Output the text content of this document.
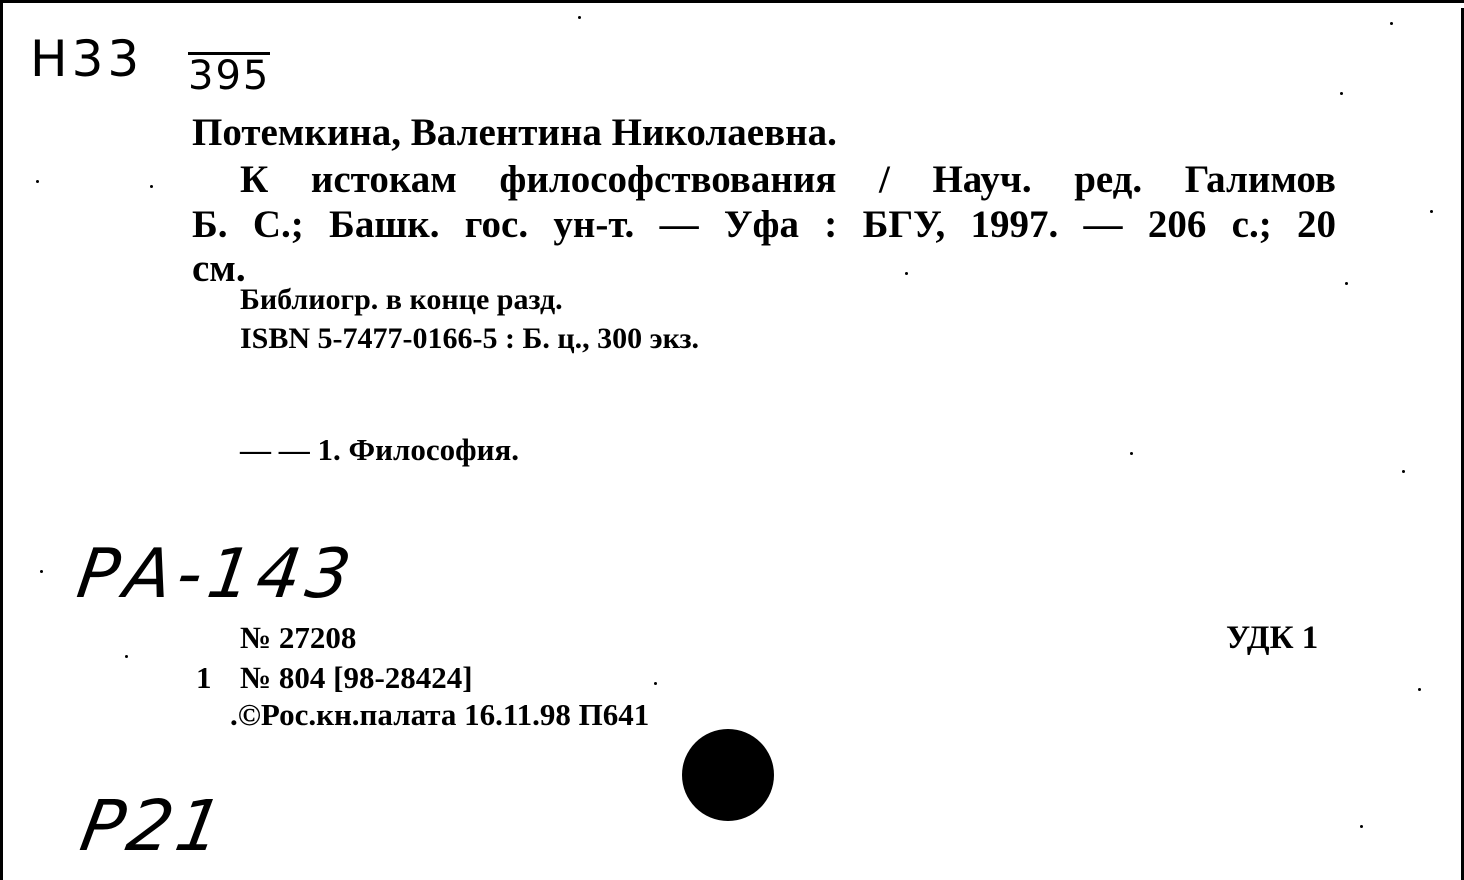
Н33 395
Потемкина, Валентина Николаевна.
К истокам философствования / Науч. ред. Галимов
Б. С.; Башк. гос. ун-т. — Уфа : БГУ, 1997. — 206 с.; 20
см.
Библиогр. в конце разд.
ISBN 5-7477-0166-5 : Б. ц., 300 экз.
— — 1. Философия.
РА-143
№ 27208	УДК 1
1 № 804 [98-28424]
.©Рос.кн.палата 16.11.98 П641
Р21
